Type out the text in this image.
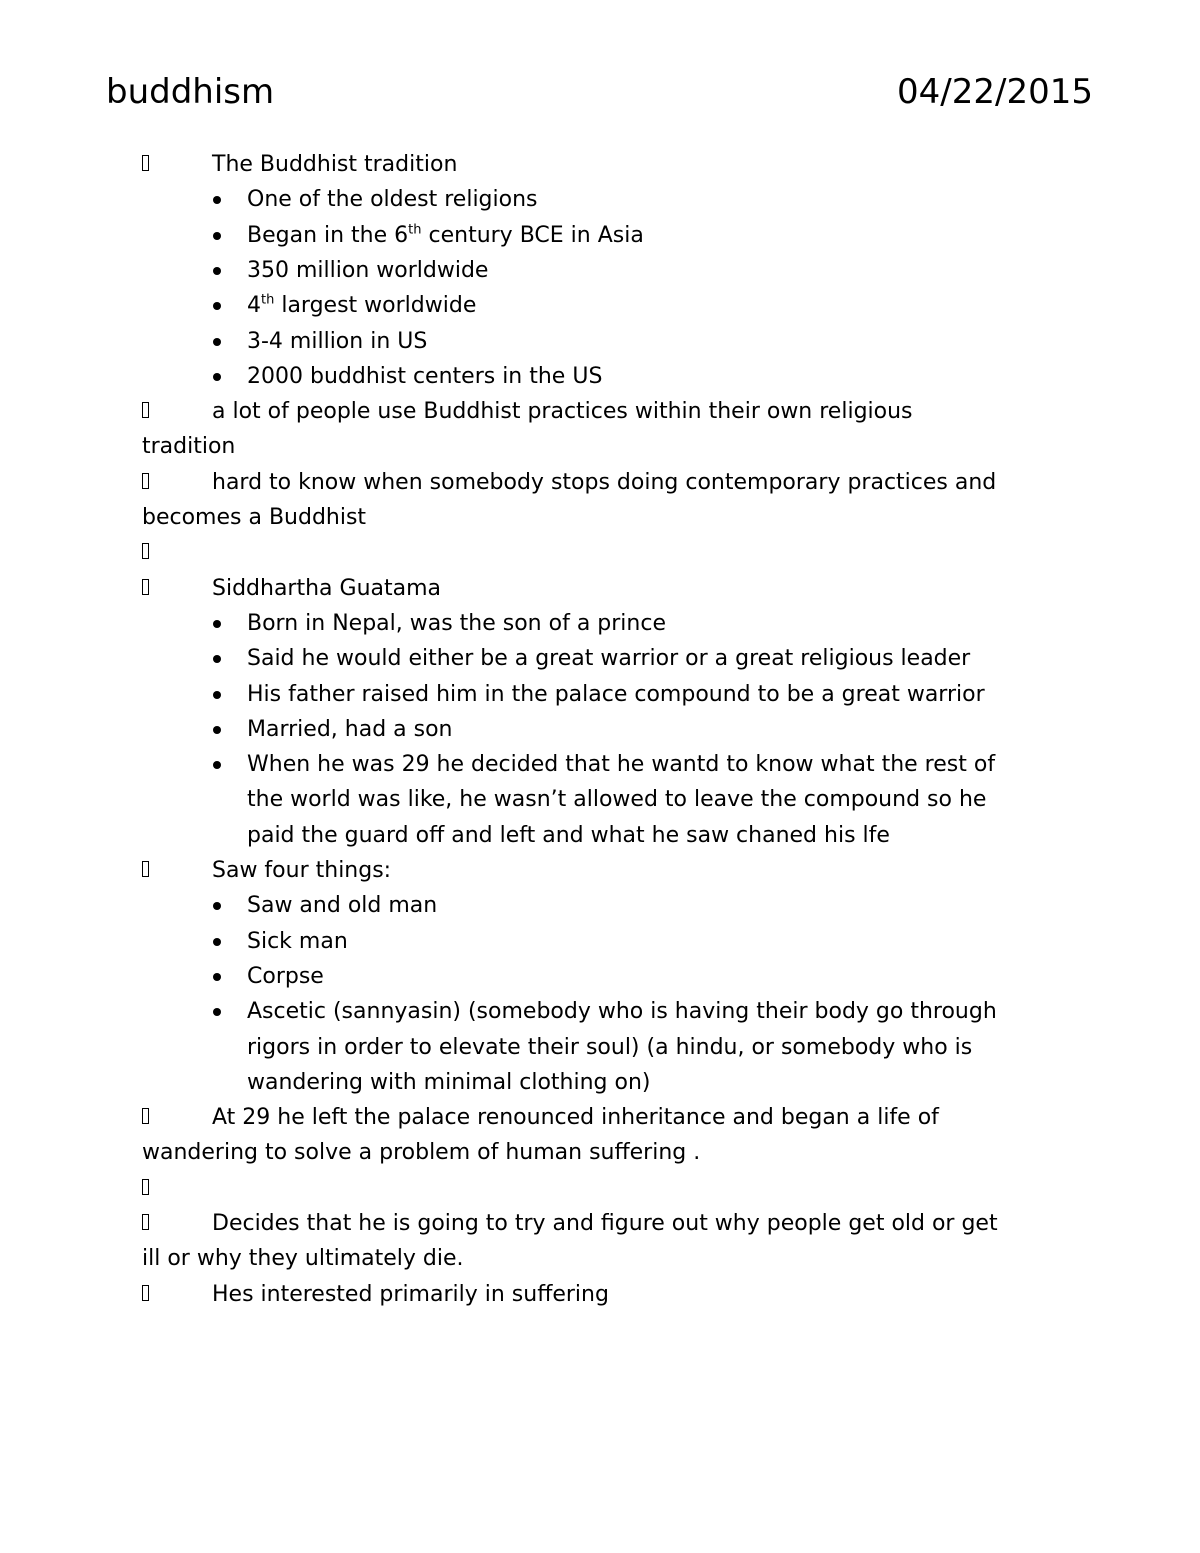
buddhism	04/22/2015
The Buddhist tradition
One of the oldest religions
Began in the 6th century BCE in Asia
350 million worldwide
4th largest worldwide
3-4 million in US
2000 buddhist centers in the US
a lot of people use Buddhist practices within their own religious
tradition
hard to know when somebody stops doing contemporary practices and
becomes a Buddhist
Siddhartha Guatama
Born in Nepal, was the son of a prince
Said he would either be a great warrior or a great religious leader
His father raised him in the palace compound to be a great warrior
Married, had a son
When he was 29 he decided that he wantd to know what the rest of
the world was like, he wasn’t allowed to leave the compound so he
paid the guard off and left and what he saw chaned his lfe
Saw four things:
Saw and old man
Sick man
Corpse
Ascetic (sannyasin) (somebody who is having their body go through
rigors in order to elevate their soul) (a hindu, or somebody who is
wandering with minimal clothing on)
At 29 he left the palace renounced inheritance and began a life of
wandering to solve a problem of human suffering .
Decides that he is going to try and figure out why people get old or get
ill or why they ultimately die.
Hes interested primarily in suffering
